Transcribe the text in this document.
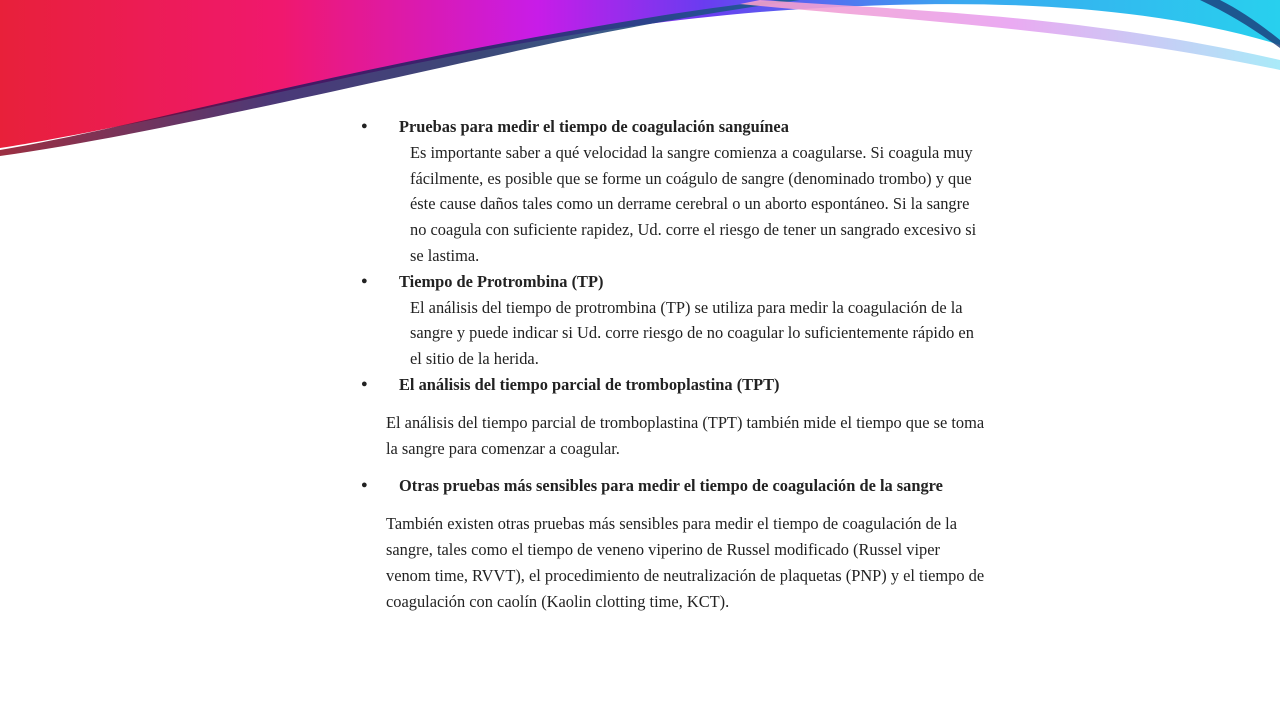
●	Pruebas para medir el tiempo de coagulación sanguínea
Es importante saber a qué velocidad la sangre comienza a coagularse. Si coagula muy fácilmente, es posible que se forme un coágulo de sangre (denominado trombo) y que éste cause daños tales como un derrame cerebral o un aborto espontáneo. Si la sangre no coagula con suficiente rapidez, Ud. corre el riesgo de tener un sangrado excesivo si se lastima.
●	Tiempo de Protrombina (TP)
El análisis del tiempo de protrombina (TP) se utiliza para medir la coagulación de la sangre y puede indicar si Ud. corre riesgo de no coagular lo suficientemente rápido en el sitio de la herida.
●	El análisis del tiempo parcial de tromboplastina (TPT)
El análisis del tiempo parcial de tromboplastina (TPT) también mide el tiempo que se toma la sangre para comenzar a coagular.
●	Otras pruebas más sensibles para medir el tiempo de coagulación de la sangre
También existen otras pruebas más sensibles para medir el tiempo de coagulación de la sangre, tales como el tiempo de veneno viperino de Russel modificado (Russel viper venom time, RVVT), el procedimiento de neutralización de plaquetas (PNP) y el tiempo de coagulación con caolín (Kaolin clotting time, KCT).
